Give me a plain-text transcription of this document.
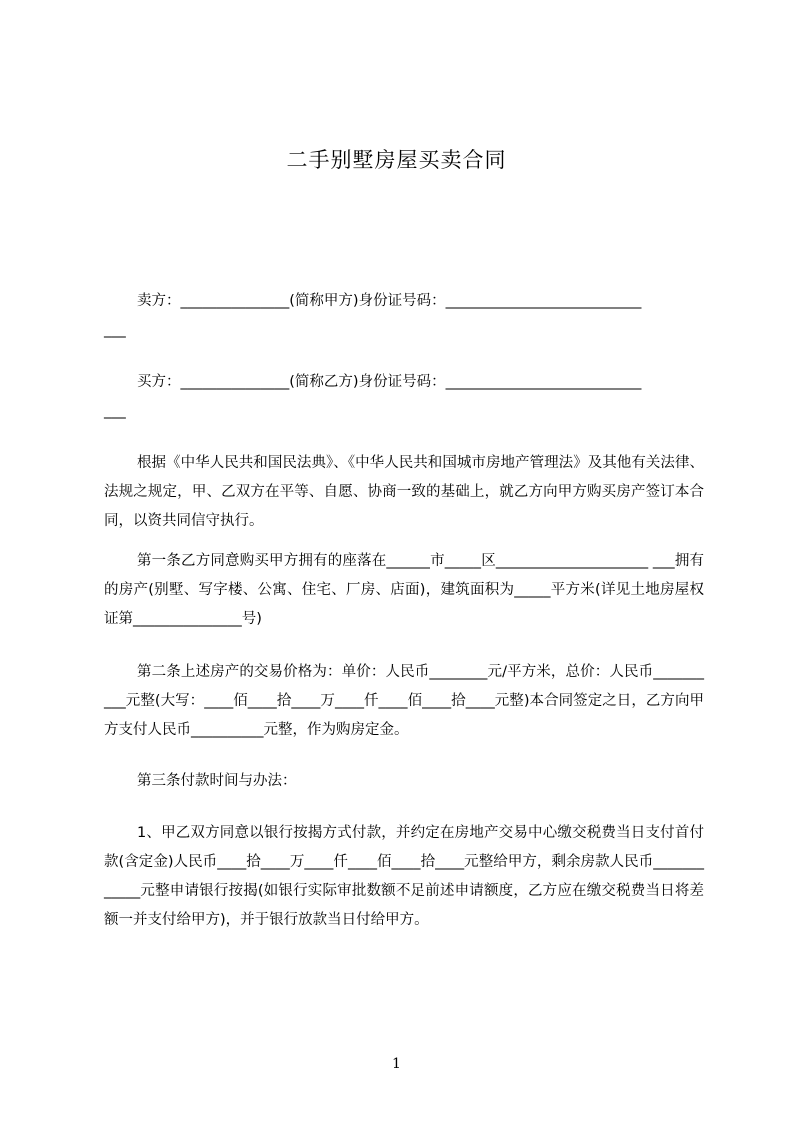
二手别墅房屋买卖合同
卖方：_______________(简称甲方)身份证号码：___________________________
___
买方：_______________(简称乙方)身份证号码：___________________________
___

根据《中华人民共和国民法典》、《中华人民共和国城市房地产管理法》及其他有关法律、法规之规定，甲、乙双方在平等、自愿、协商一致的基础上，就乙方向甲方购买房产签订本合同，以资共同信守执行。

第一条乙方同意购买甲方拥有的座落在______市_____区_____________________ ___拥有的房产(别墅、写字楼、公寓、住宅、厂房、店面)，建筑面积为_____平方米(详见土地房屋权证第_______________号)

第二条上述房产的交易价格为：单价：人民币________元/平方米，总价：人民币__________元整(大写：____佰____拾____万____仟____佰____拾____元整)本合同签定之日，乙方向甲方支付人民币__________元整，作为购房定金。

第三条付款时间与办法：

1、甲乙双方同意以银行按揭方式付款，并约定在房地产交易中心缴交税费当日支付首付款(含定金)人民币____拾____万____仟____佰____拾____元整给甲方，剩余房款人民币____________元整申请银行按揭(如银行实际审批数额不足前述申请额度，乙方应在缴交税费当日将差额一并支付给甲方)，并于银行放款当日付给甲方。

1
